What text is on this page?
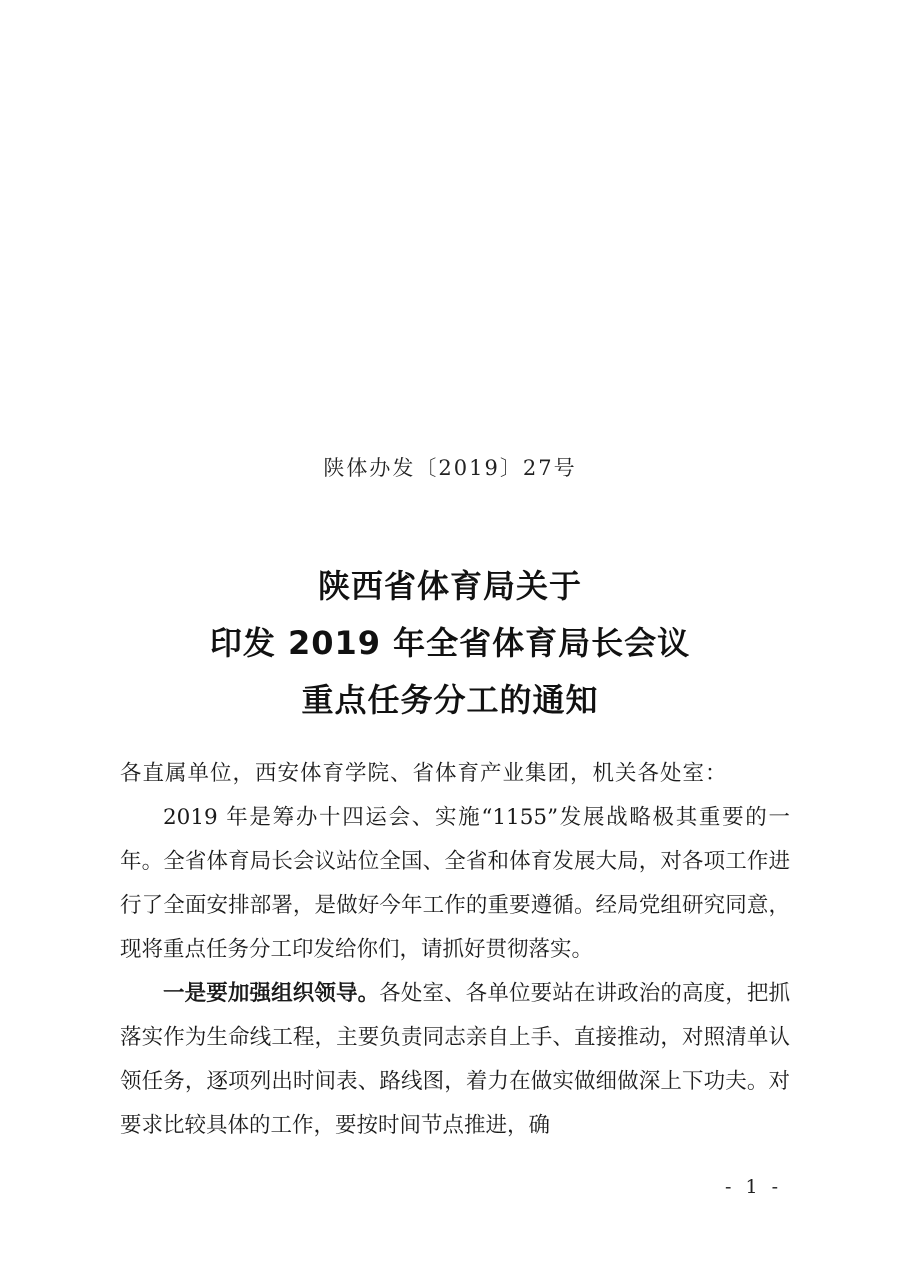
陕体办发〔2019〕27号
陕西省体育局关于
印发 2019 年全省体育局长会议
重点任务分工的通知

各直属单位，西安体育学院、省体育产业集团，机关各处室：

2019 年是筹办十四运会、实施“1155”发展战略极其重要的一年。全省体育局长会议站位全国、全省和体育发展大局，对各项工作进行了全面安排部署，是做好今年工作的重要遵循。经局党组研究同意，现将重点任务分工印发给你们，请抓好贯彻落实。

一是要加强组织领导。各处室、各单位要站在讲政治的高度，把抓落实作为生命线工程，主要负责同志亲自上手、直接推动，对照清单认领任务，逐项列出时间表、路线图，着力在做实做细做深上下功夫。对要求比较具体的工作，要按时间节点推进，确

- 1 -
